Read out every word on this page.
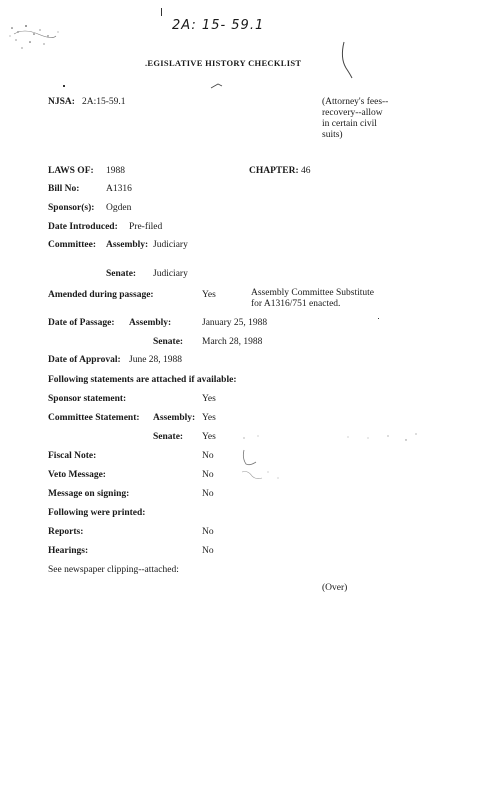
2A: 15- 59.1
.EGISLATIVE HISTORY CHECKLIST
NJSA: 2A:15-59.1	(Attorney's fees--
recovery--allow
in certain civil
suits)
LAWS OF: 1988	CHAPTER: 46
Bill No:	A1316
Sponsor(s): Ogden
Date Introduced: Pre-filed
Committee: Assembly: Judiciary
Senate: Judiciary
Amended during passage:	Yes	Assembly Committee Substitute
for A1316/751 enacted.
Date of Passage: Assembly:	January 25, 1988
Senate: March 28, 1988
Date of Approval: June 28, 1988
Following statements are attached if available:
Sponsor statement:	Yes
Committee Statement: Assembly: Yes
Senate: Yes
Fiscal Note:	No
Veto Message:	No
Message on signing:	No
Following were printed:
Reports:	No
Hearings:	No
See newspaper clipping--attached:
(Over)
